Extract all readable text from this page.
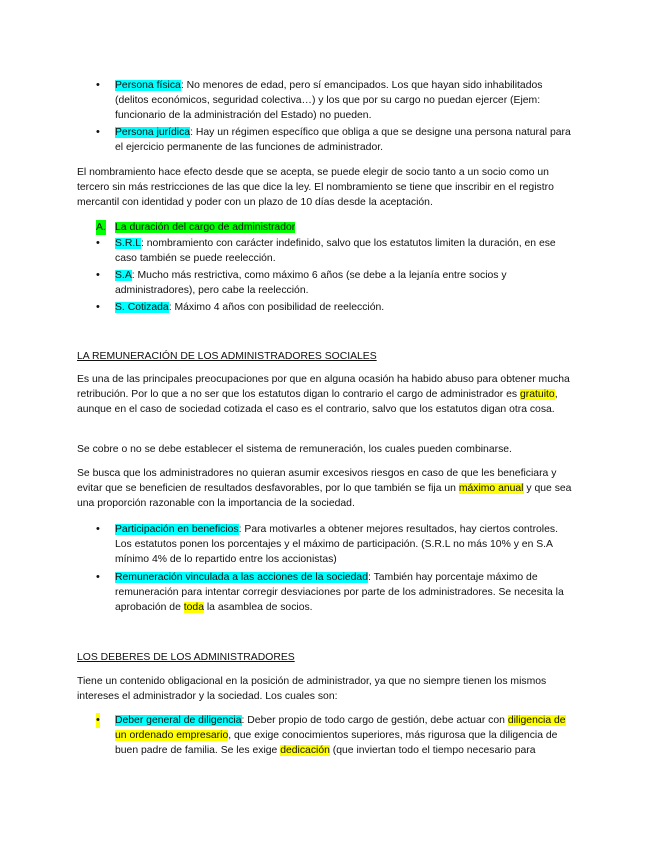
• Persona física: No menores de edad, pero sí emancipados. Los que hayan sido inhabilitados (delitos económicos, seguridad colectiva…) y los que por su cargo no puedan ejercer (Ejem: funcionario de la administración del Estado) no pueden.

• Persona jurídica: Hay un régimen específico que obliga a que se designe una persona natural para el ejercicio permanente de las funciones de administrador.

El nombramiento hace efecto desde que se acepta, se puede elegir de socio tanto a un socio como un tercero sin más restricciones de las que dice la ley. El nombramiento se tiene que inscribir en el registro mercantil con identidad y poder con un plazo de 10 días desde la aceptación.

A. La duración del cargo de administrador

• S.R.L: nombramiento con carácter indefinido, salvo que los estatutos limiten la duración, en ese caso también se puede reelección.

• S.A: Mucho más restrictiva, como máximo 6 años (se debe a la lejanía entre socios y administradores), pero cabe la reelección.

• S. Cotizada: Máximo 4 años con posibilidad de reelección.

LA REMUNERACIÓN DE LOS ADMINISTRADORES SOCIALES

Es una de las principales preocupaciones por que en alguna ocasión ha habido abuso para obtener mucha retribución. Por lo que a no ser que los estatutos digan lo contrario el cargo de administrador es gratuito, aunque en el caso de sociedad cotizada el caso es el contrario, salvo que los estatutos digan otra cosa.

Se cobre o no se debe establecer el sistema de remuneración, los cuales pueden combinarse.

Se busca que los administradores no quieran asumir excesivos riesgos en caso de que les beneficiara y evitar que se beneficien de resultados desfavorables, por lo que también se fija un máximo anual y que sea una proporción razonable con la importancia de la sociedad.

• Participación en beneficios: Para motivarles a obtener mejores resultados, hay ciertos controles. Los estatutos ponen los porcentajes y el máximo de participación. (S.R.L no más 10% y en S.A mínimo 4% de lo repartido entre los accionistas)

• Remuneración vinculada a las acciones de la sociedad: También hay porcentaje máximo de remuneración para intentar corregir desviaciones por parte de los administradores. Se necesita la aprobación de toda la asamblea de socios.

LOS DEBERES DE LOS ADMINISTRADORES

Tiene un contenido obligacional en la posición de administrador, ya que no siempre tienen los mismos intereses el administrador y la sociedad. Los cuales son:

• Deber general de diligencia: Deber propio de todo cargo de gestión, debe actuar con diligencia de un ordenado empresario, que exige conocimientos superiores, más rigurosa que la diligencia de buen padre de familia. Se les exige dedicación (que inviertan todo el tiempo necesario para
